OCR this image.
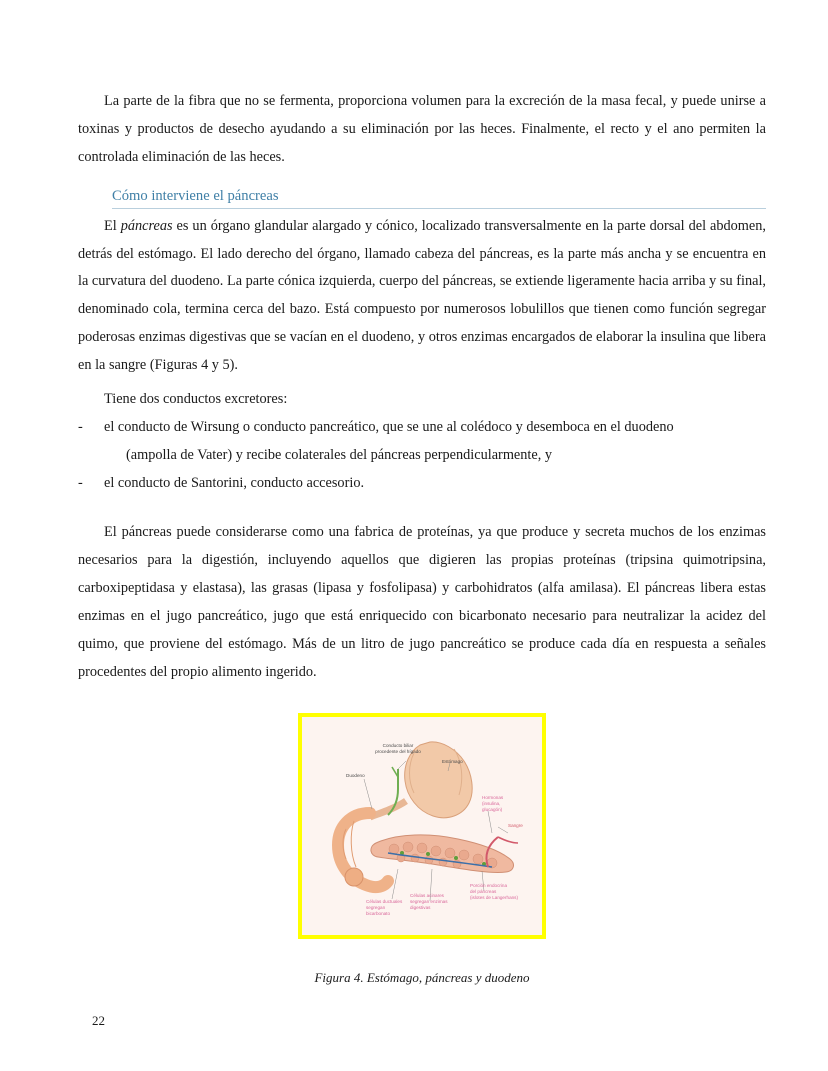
La parte de la fibra que no se fermenta, proporciona volumen para la excreción de la masa fecal, y puede unirse a toxinas y productos de desecho ayudando a su eliminación por las heces. Finalmente, el recto y el ano permiten la controlada eliminación de las heces.

Cómo interviene el páncreas

El páncreas es un órgano glandular alargado y cónico, localizado transversalmente en la parte dorsal del abdomen, detrás del estómago. El lado derecho del órgano, llamado cabeza del páncreas, es la parte más ancha y se encuentra en la curvatura del duodeno. La parte cónica izquierda, cuerpo del páncreas, se extiende ligeramente hacia arriba y su final, denominado cola, termina cerca del bazo. Está compuesto por numerosos lobulillos que tienen como función segregar poderosas enzimas digestivas que se vacían en el duodeno, y otros enzimas encargados de elaborar la insulina que libera en la sangre (Figuras 4 y 5).

Tiene dos conductos excretores:

-	el conducto de Wirsung o conducto pancreático, que se une al colédoco y desemboca en el duodeno
(ampolla de Vater) y recibe colaterales del páncreas perpendicularmente, y
-	el conducto de Santorini, conducto accesorio.

El páncreas puede considerarse como una fabrica de proteínas, ya que produce y secreta muchos de los enzimas necesarios para la digestión, incluyendo aquellos que digieren las propias proteínas (tripsina quimotripsina, carboxipeptidasa y elastasa), las grasas (lipasa y fosfolipasa) y carbohidratos (alfa amilasa). El páncreas libera estas enzimas en el jugo pancreático, jugo que está enriquecido con bicarbonato necesario para neutralizar la acidez del quimo, que proviene del estómago. Más de un litro de jugo pancreático se produce cada día en respuesta a señales procedentes del propio alimento ingerido.

Conducto biliar
procedente del hígado
Duodeno
Estómago
Hormonas
(insulina,
glucagón)
Sangre
Células ductuales
segregan
bicarbonato
Células acinares
segregan enzimas
digestivas
Porción endocrina
del páncreas
(islotes de Langerhans)
Figura 4. Estómago, páncreas y duodeno
22
